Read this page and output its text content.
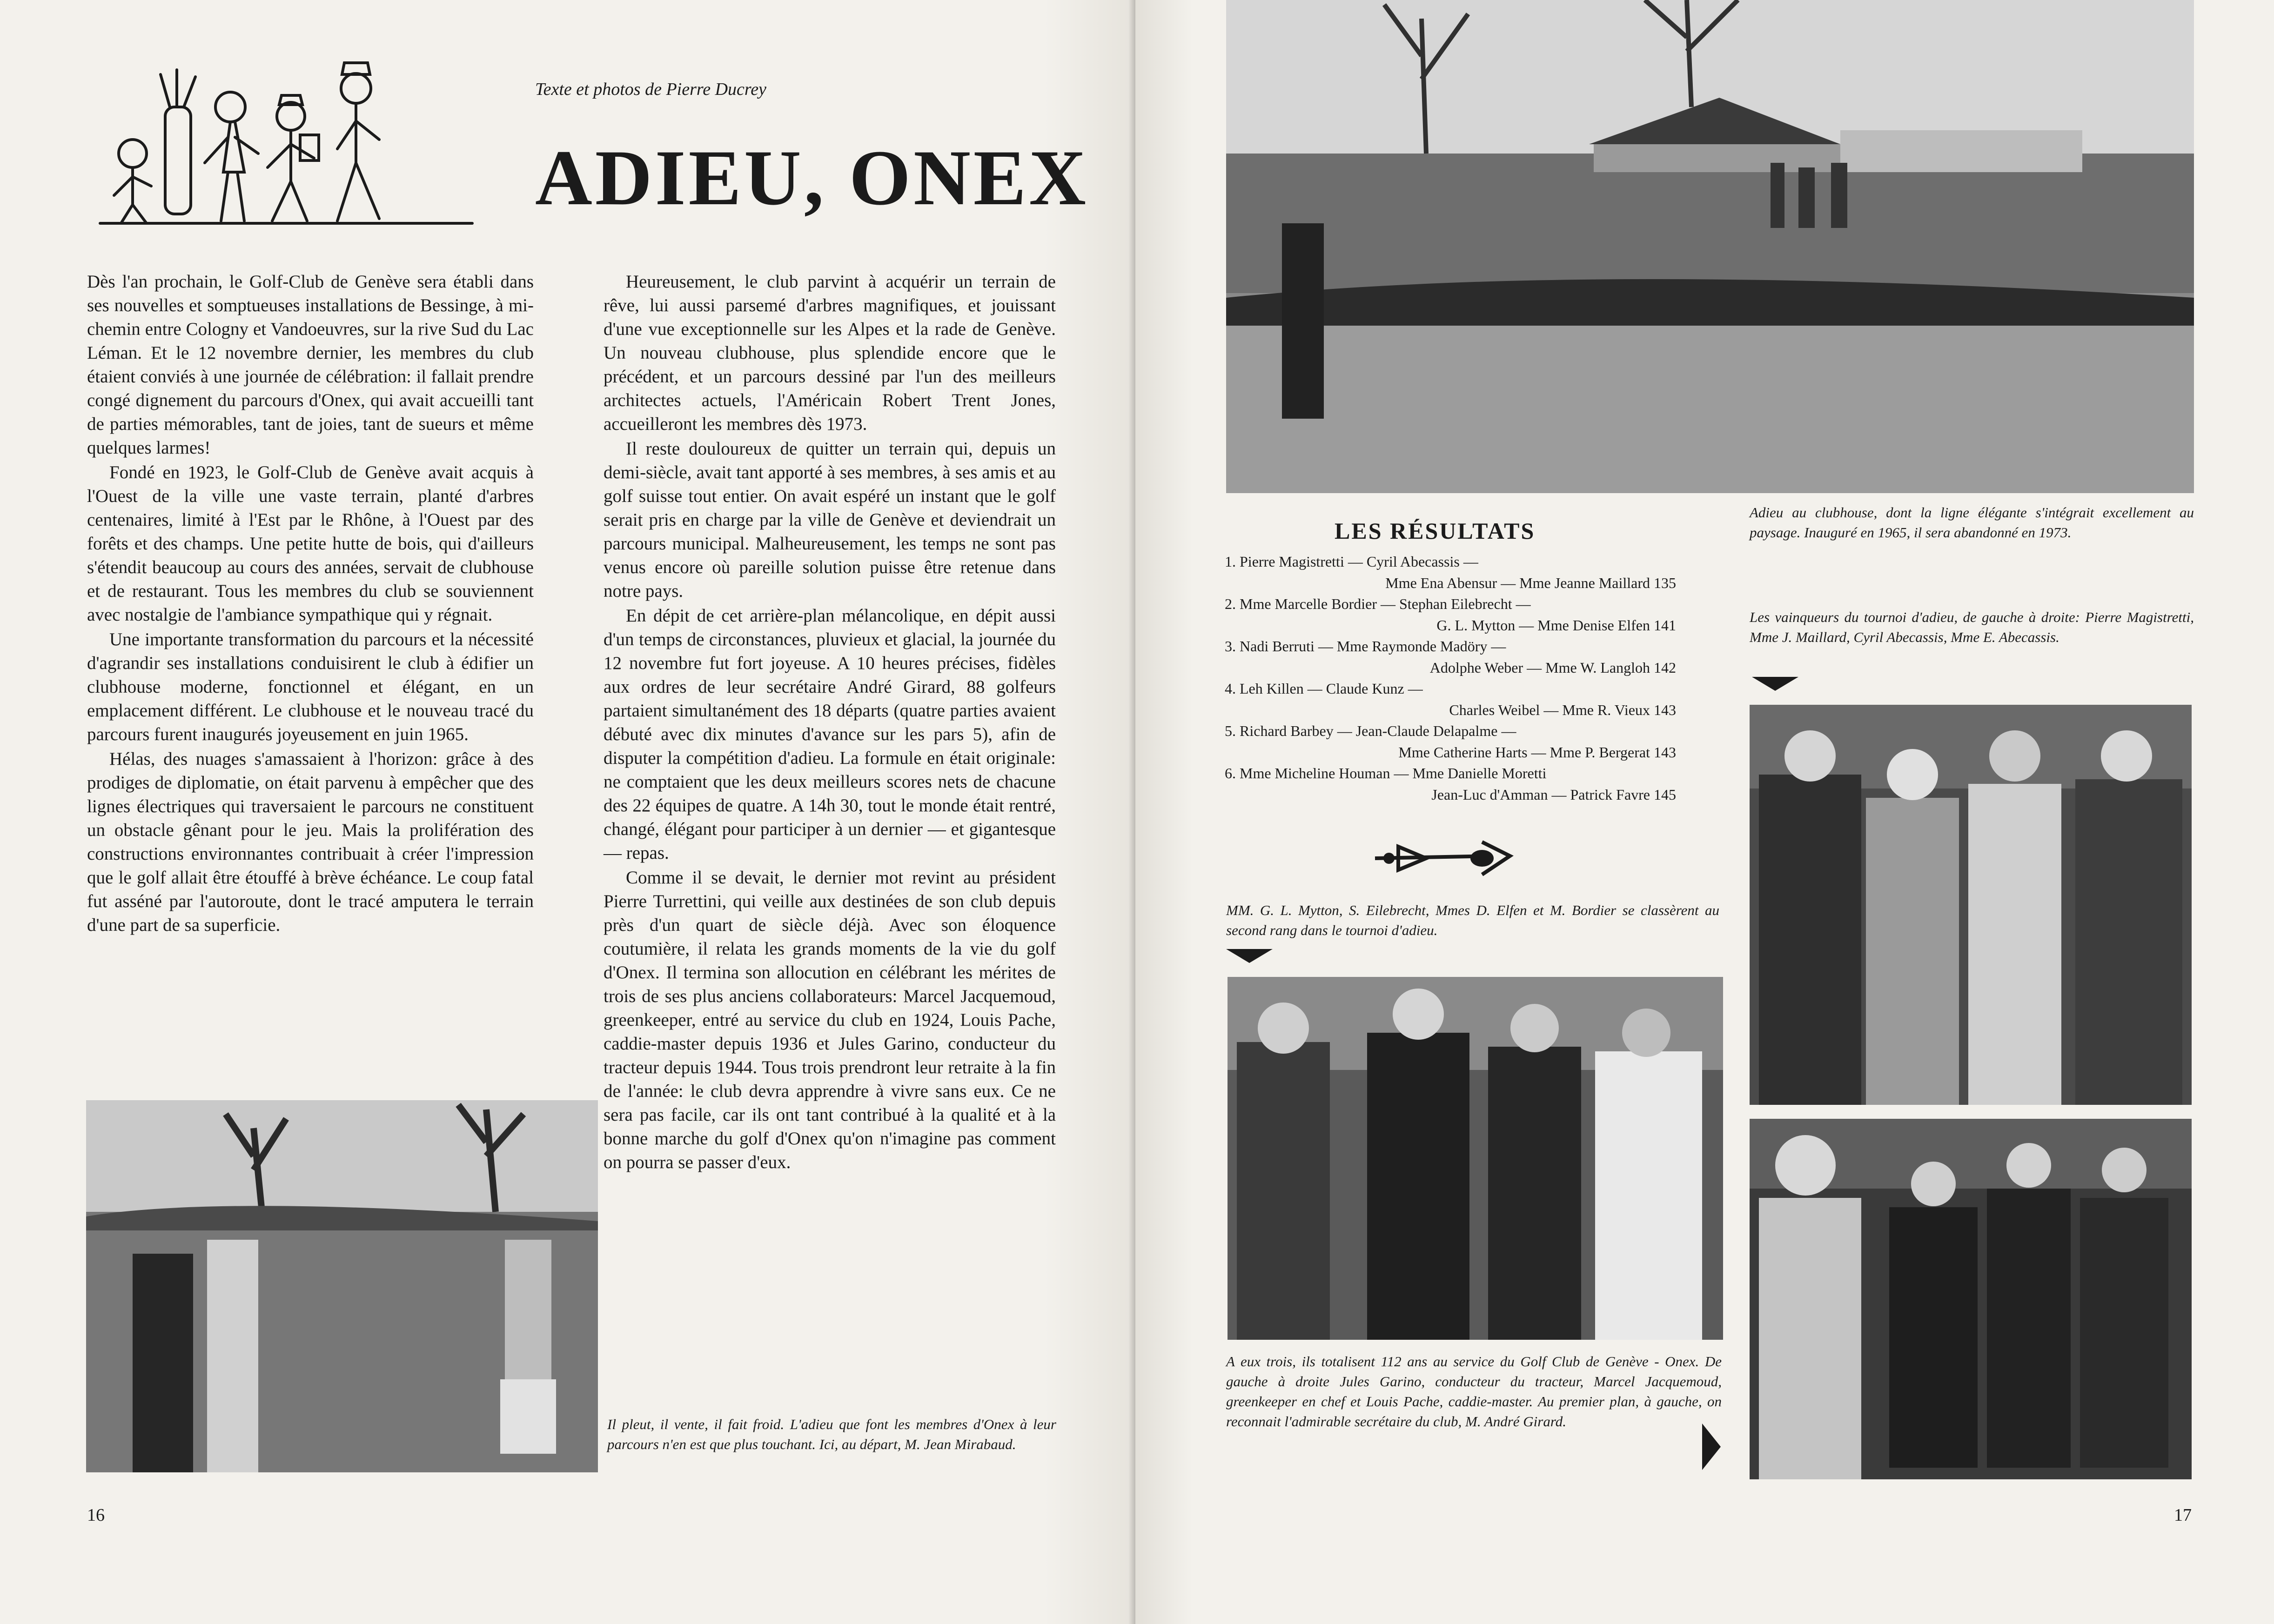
Texte et photos de Pierre Ducrey
ADIEU, ONEX

Dès l'an prochain, le Golf-Club de Genève sera établi dans ses nouvelles et somptueuses installations de Bessinge, à mi-chemin entre Cologny et Vandoeuvres, sur la rive Sud du Lac Léman. Et le 12 novembre dernier, les membres du club étaient conviés à une journée de célébration: il fallait prendre congé dignement du parcours d'Onex, qui avait accueilli tant de parties mémorables, tant de joies, tant de sueurs et même quelques larmes!

Fondé en 1923, le Golf-Club de Genève avait acquis à l'Ouest de la ville une vaste terrain, planté d'arbres centenaires, limité à l'Est par le Rhône, à l'Ouest par des forêts et des champs. Une petite hutte de bois, qui d'ailleurs s'étendit beaucoup au cours des années, servait de clubhouse et de restaurant. Tous les membres du club se souviennent avec nostalgie de l'ambiance sympathique qui y régnait.

Une importante transformation du parcours et la nécessité d'agrandir ses installations conduisirent le club à édifier un clubhouse moderne, fonctionnel et élégant, en un emplacement différent. Le clubhouse et le nouveau tracé du parcours furent inaugurés joyeusement en juin 1965.

Hélas, des nuages s'amassaient à l'horizon: grâce à des prodiges de diplomatie, on était parvenu à empêcher que des lignes électriques qui traversaient le parcours ne constituent un obstacle gênant pour le jeu. Mais la prolifération des constructions environnantes contribuait à créer l'impression que le golf allait être étouffé à brève échéance. Le coup fatal fut asséné par l'autoroute, dont le tracé amputera le terrain d'une part de sa superficie.

Heureusement, le club parvint à acquérir un terrain de rêve, lui aussi parsemé d'arbres magnifiques, et jouissant d'une vue exceptionnelle sur les Alpes et la rade de Genève. Un nouveau clubhouse, plus splendide encore que le précédent, et un parcours dessiné par l'un des meilleurs architectes actuels, l'Américain Robert Trent Jones, accueilleront les membres dès 1973.

Il reste douloureux de quitter un terrain qui, depuis un demi-siècle, avait tant apporté à ses membres, à ses amis et au golf suisse tout entier. On avait espéré un instant que le golf serait pris en charge par la ville de Genève et deviendrait un parcours municipal. Malheureusement, les temps ne sont pas venus encore où pareille solution puisse être retenue dans notre pays.

En dépit de cet arrière-plan mélancolique, en dépit aussi d'un temps de circonstances, pluvieux et glacial, la journée du 12 novembre fut fort joyeuse. A 10 heures précises, fidèles aux ordres de leur secrétaire André Girard, 88 golfeurs partaient simultanément des 18 départs (quatre parties avaient débuté avec dix minutes d'avance sur les pars 5), afin de disputer la compétition d'adieu. La formule en était originale: ne comptaient que les deux meilleurs scores nets de chacune des 22 équipes de quatre. A 14h 30, tout le monde était rentré, changé, élégant pour participer à un dernier — et gigantesque — repas.

Comme il se devait, le dernier mot revint au président Pierre Turrettini, qui veille aux destinées de son club depuis près d'un quart de siècle déjà. Avec son éloquence coutumière, il relata les grands moments de la vie du golf d'Onex. Il termina son allocution en célébrant les mérites de trois de ses plus anciens collaborateurs: Marcel Jacquemoud, greenkeeper, entré au service du club en 1924, Louis Pache, caddie-master depuis 1936 et Jules Garino, conducteur du tracteur depuis 1944. Tous trois prendront leur retraite à la fin de l'année: le club devra apprendre à vivre sans eux. Ce ne sera pas facile, car ils ont tant contribué à la qualité et à la bonne marche du golf d'Onex qu'on n'imagine pas comment on pourra se passer d'eux.

Il pleut, il vente, il fait froid. L'adieu que font les membres d'Onex à leur parcours n'en est que plus touchant. Ici, au départ, M. Jean Mirabaud.
16
Adieu au clubhouse, dont la ligne élégante s'intégrait excellement au paysage. Inauguré en 1965, il sera abandonné en 1973.
Les vainqueurs du tournoi d'adieu, de gauche à droite: Pierre Magistretti, Mme J. Maillard, Cyril Abecassis, Mme E. Abecassis.
LES RÉSULTATS
1. Pierre Magistretti — Cyril Abecassis —
Mme Ena Abensur — Mme Jeanne Maillard 135
2. Mme Marcelle Bordier — Stephan Eilebrecht —
G. L. Mytton — Mme Denise Elfen 141
3. Nadi Berruti — Mme Raymonde Madöry —
Adolphe Weber — Mme W. Langloh 142
4. Leh Killen — Claude Kunz —
Charles Weibel — Mme R. Vieux 143
5. Richard Barbey — Jean-Claude Delapalme —
Mme Catherine Harts — Mme P. Bergerat 143
6. Mme Micheline Houman — Mme Danielle Moretti
Jean-Luc d'Amman — Patrick Favre 145
MM. G. L. Mytton, S. Eilebrecht, Mmes D. Elfen et M. Bordier se classèrent au second rang dans le tournoi d'adieu.
A eux trois, ils totalisent 112 ans au service du Golf Club de Genève - Onex. De gauche à droite Jules Garino, conducteur du tracteur, Marcel Jacquemoud, greenkeeper en chef et Louis Pache, caddie-master. Au premier plan, à gauche, on reconnait l'admirable secrétaire du club, M. André Girard.
17
